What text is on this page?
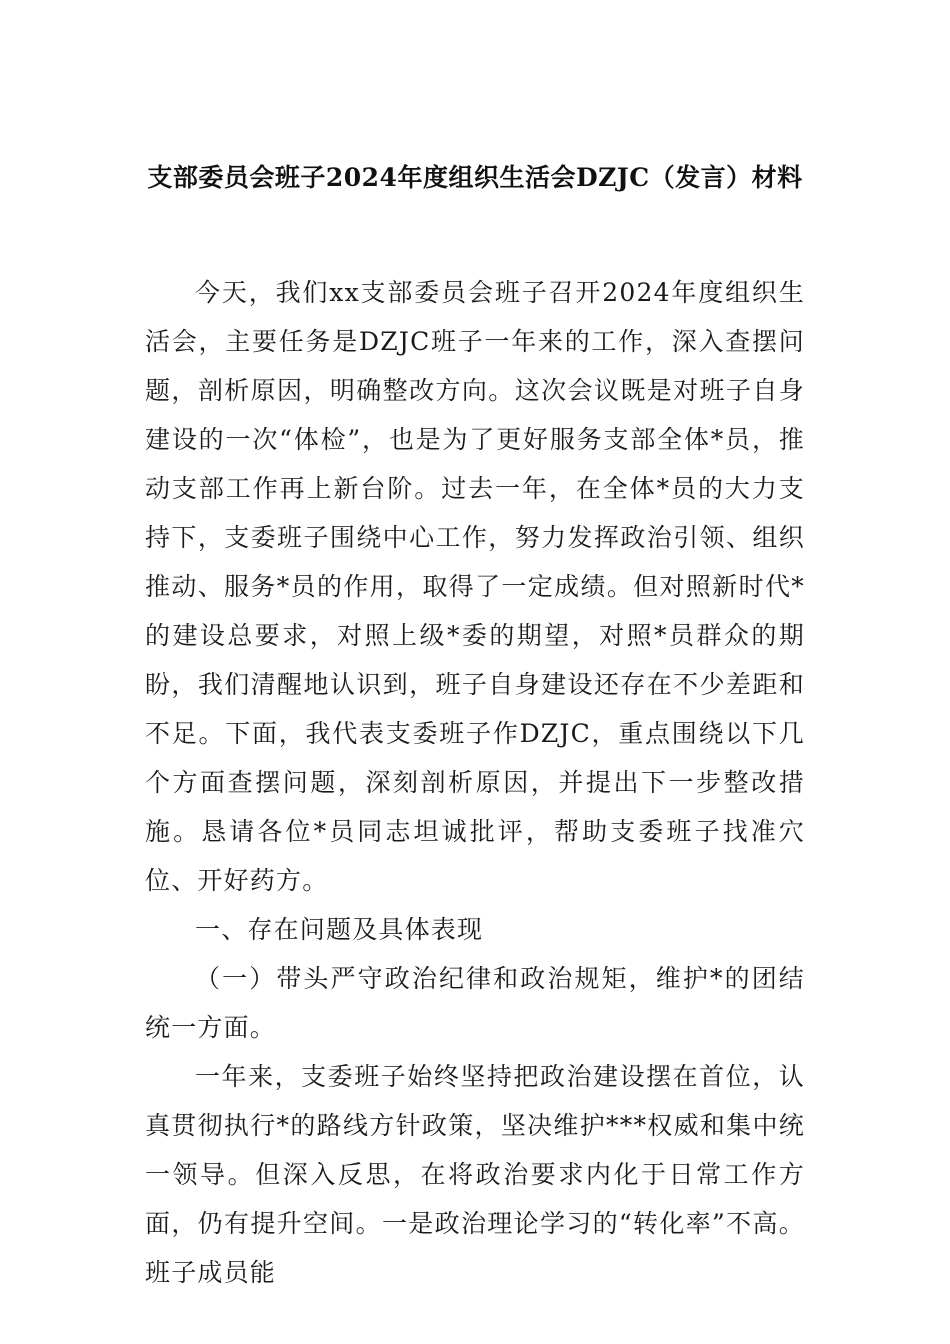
支部委员会班子2024年度组织生活会DZJC（发言）材料

今天，我们xx支部委员会班子召开2024年度组织生活会，主要任务是DZJC班子一年来的工作，深入查摆问题，剖析原因，明确整改方向。这次会议既是对班子自身建设的一次“体检”，也是为了更好服务支部全体*员，推动支部工作再上新台阶。过去一年，在全体*员的大力支持下，支委班子围绕中心工作，努力发挥政治引领、组织推动、服务*员的作用，取得了一定成绩。但对照新时代*的建设总要求，对照上级*委的期望，对照*员群众的期盼，我们清醒地认识到，班子自身建设还存在不少差距和不足。下面，我代表支委班子作DZJC，重点围绕以下几个方面查摆问题，深刻剖析原因，并提出下一步整改措施。恳请各位*员同志坦诚批评，帮助支委班子找准穴位、开好药方。

一、存在问题及具体表现

（一）带头严守政治纪律和政治规矩，维护*的团结统一方面。

一年来，支委班子始终坚持把政治建设摆在首位，认真贯彻执行*的路线方针政策，坚决维护***权威和集中统一领导。但深入反思，在将政治要求内化于日常工作方面，仍有提升空间。一是政治理论学习的“转化率”不高。班子成员能
